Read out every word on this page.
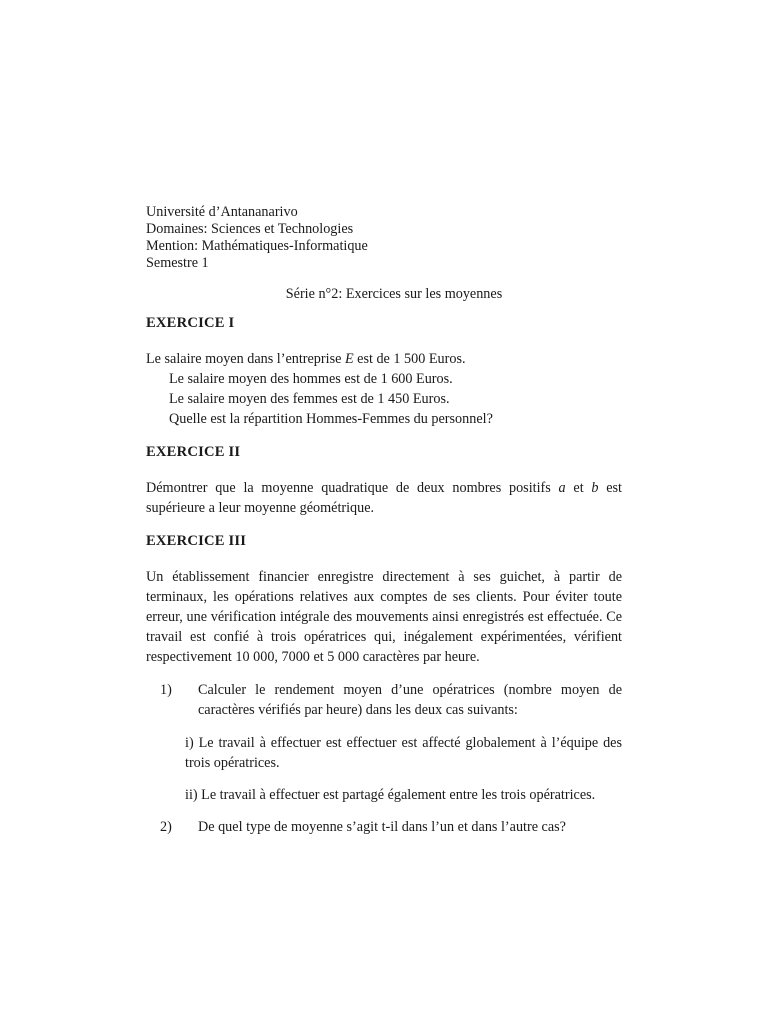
Université d’Antananarivo
Domaines: Sciences et Technologies
Mention: Mathématiques-Informatique
Semestre 1
Série n°2: Exercices sur les moyennes
EXERCICE I
Le salaire moyen dans l’entreprise E est de 1 500 Euros.
Le salaire moyen des hommes est de 1 600 Euros.
Le salaire moyen des femmes est de 1 450 Euros.
Quelle est la répartition Hommes-Femmes du personnel?
EXERCICE II
Démontrer que la moyenne quadratique de deux nombres positifs a et b est supérieure a leur moyenne géométrique.
EXERCICE III

Un établissement financier enregistre directement à ses guichet, à partir de terminaux, les opérations relatives aux comptes de ses clients. Pour éviter toute erreur, une vérification intégrale des mouvements ainsi enregistrés est effectuée. Ce travail est confié à trois opératrices qui, inégalement expérimentées, vérifient respectivement 10 000, 7000 et 5 000 caractères par heure.

1) Calculer le rendement moyen d’une opératrices (nombre moyen de caractères vérifiés par heure) dans les deux cas suivants:
i) Le travail à effectuer est effectuer est affecté globalement à l’équipe des trois opératrices.
ii) Le travail à effectuer est partagé également entre les trois opératrices.
2) De quel type de moyenne s’agit t-il dans l’un et dans l’autre cas?
